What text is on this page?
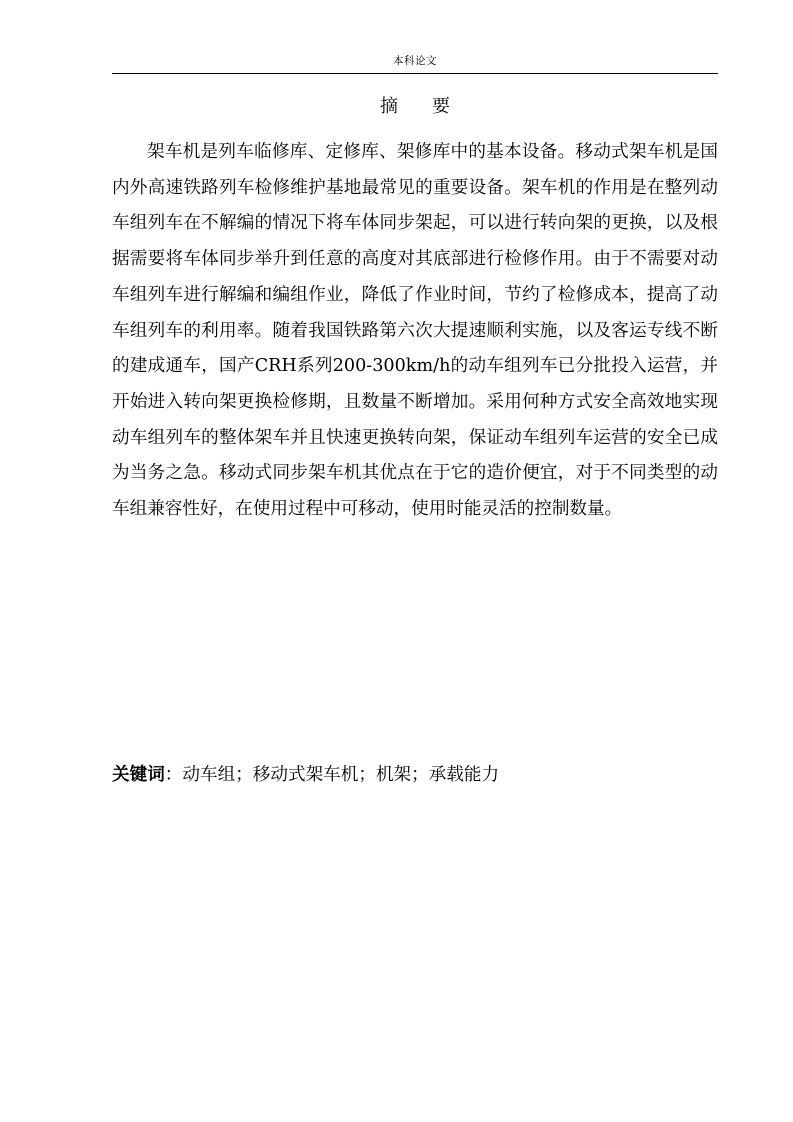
本科论文
摘 要

架车机是列车临修库、定修库、架修库中的基本设备。移动式架车机是国内外高速铁路列车检修维护基地最常见的重要设备。架车机的作用是在整列动车组列车在不解编的情况下将车体同步架起，可以进行转向架的更换，以及根据需要将车体同步举升到任意的高度对其底部进行检修作用。由于不需要对动车组列车进行解编和编组作业，降低了作业时间，节约了检修成本，提高了动车组列车的利用率。随着我国铁路第六次大提速顺利实施，以及客运专线不断的建成通车，国产CRH系列200-300km/h的动车组列车已分批投入运营，并开始进入转向架更换检修期，且数量不断增加。采用何种方式安全高效地实现动车组列车的整体架车并且快速更换转向架，保证动车组列车运营的安全已成为当务之急。移动式同步架车机其优点在于它的造价便宜，对于不同类型的动车组兼容性好，在使用过程中可移动，使用时能灵活的控制数量。

关键词：动车组；移动式架车机；机架；承载能力
